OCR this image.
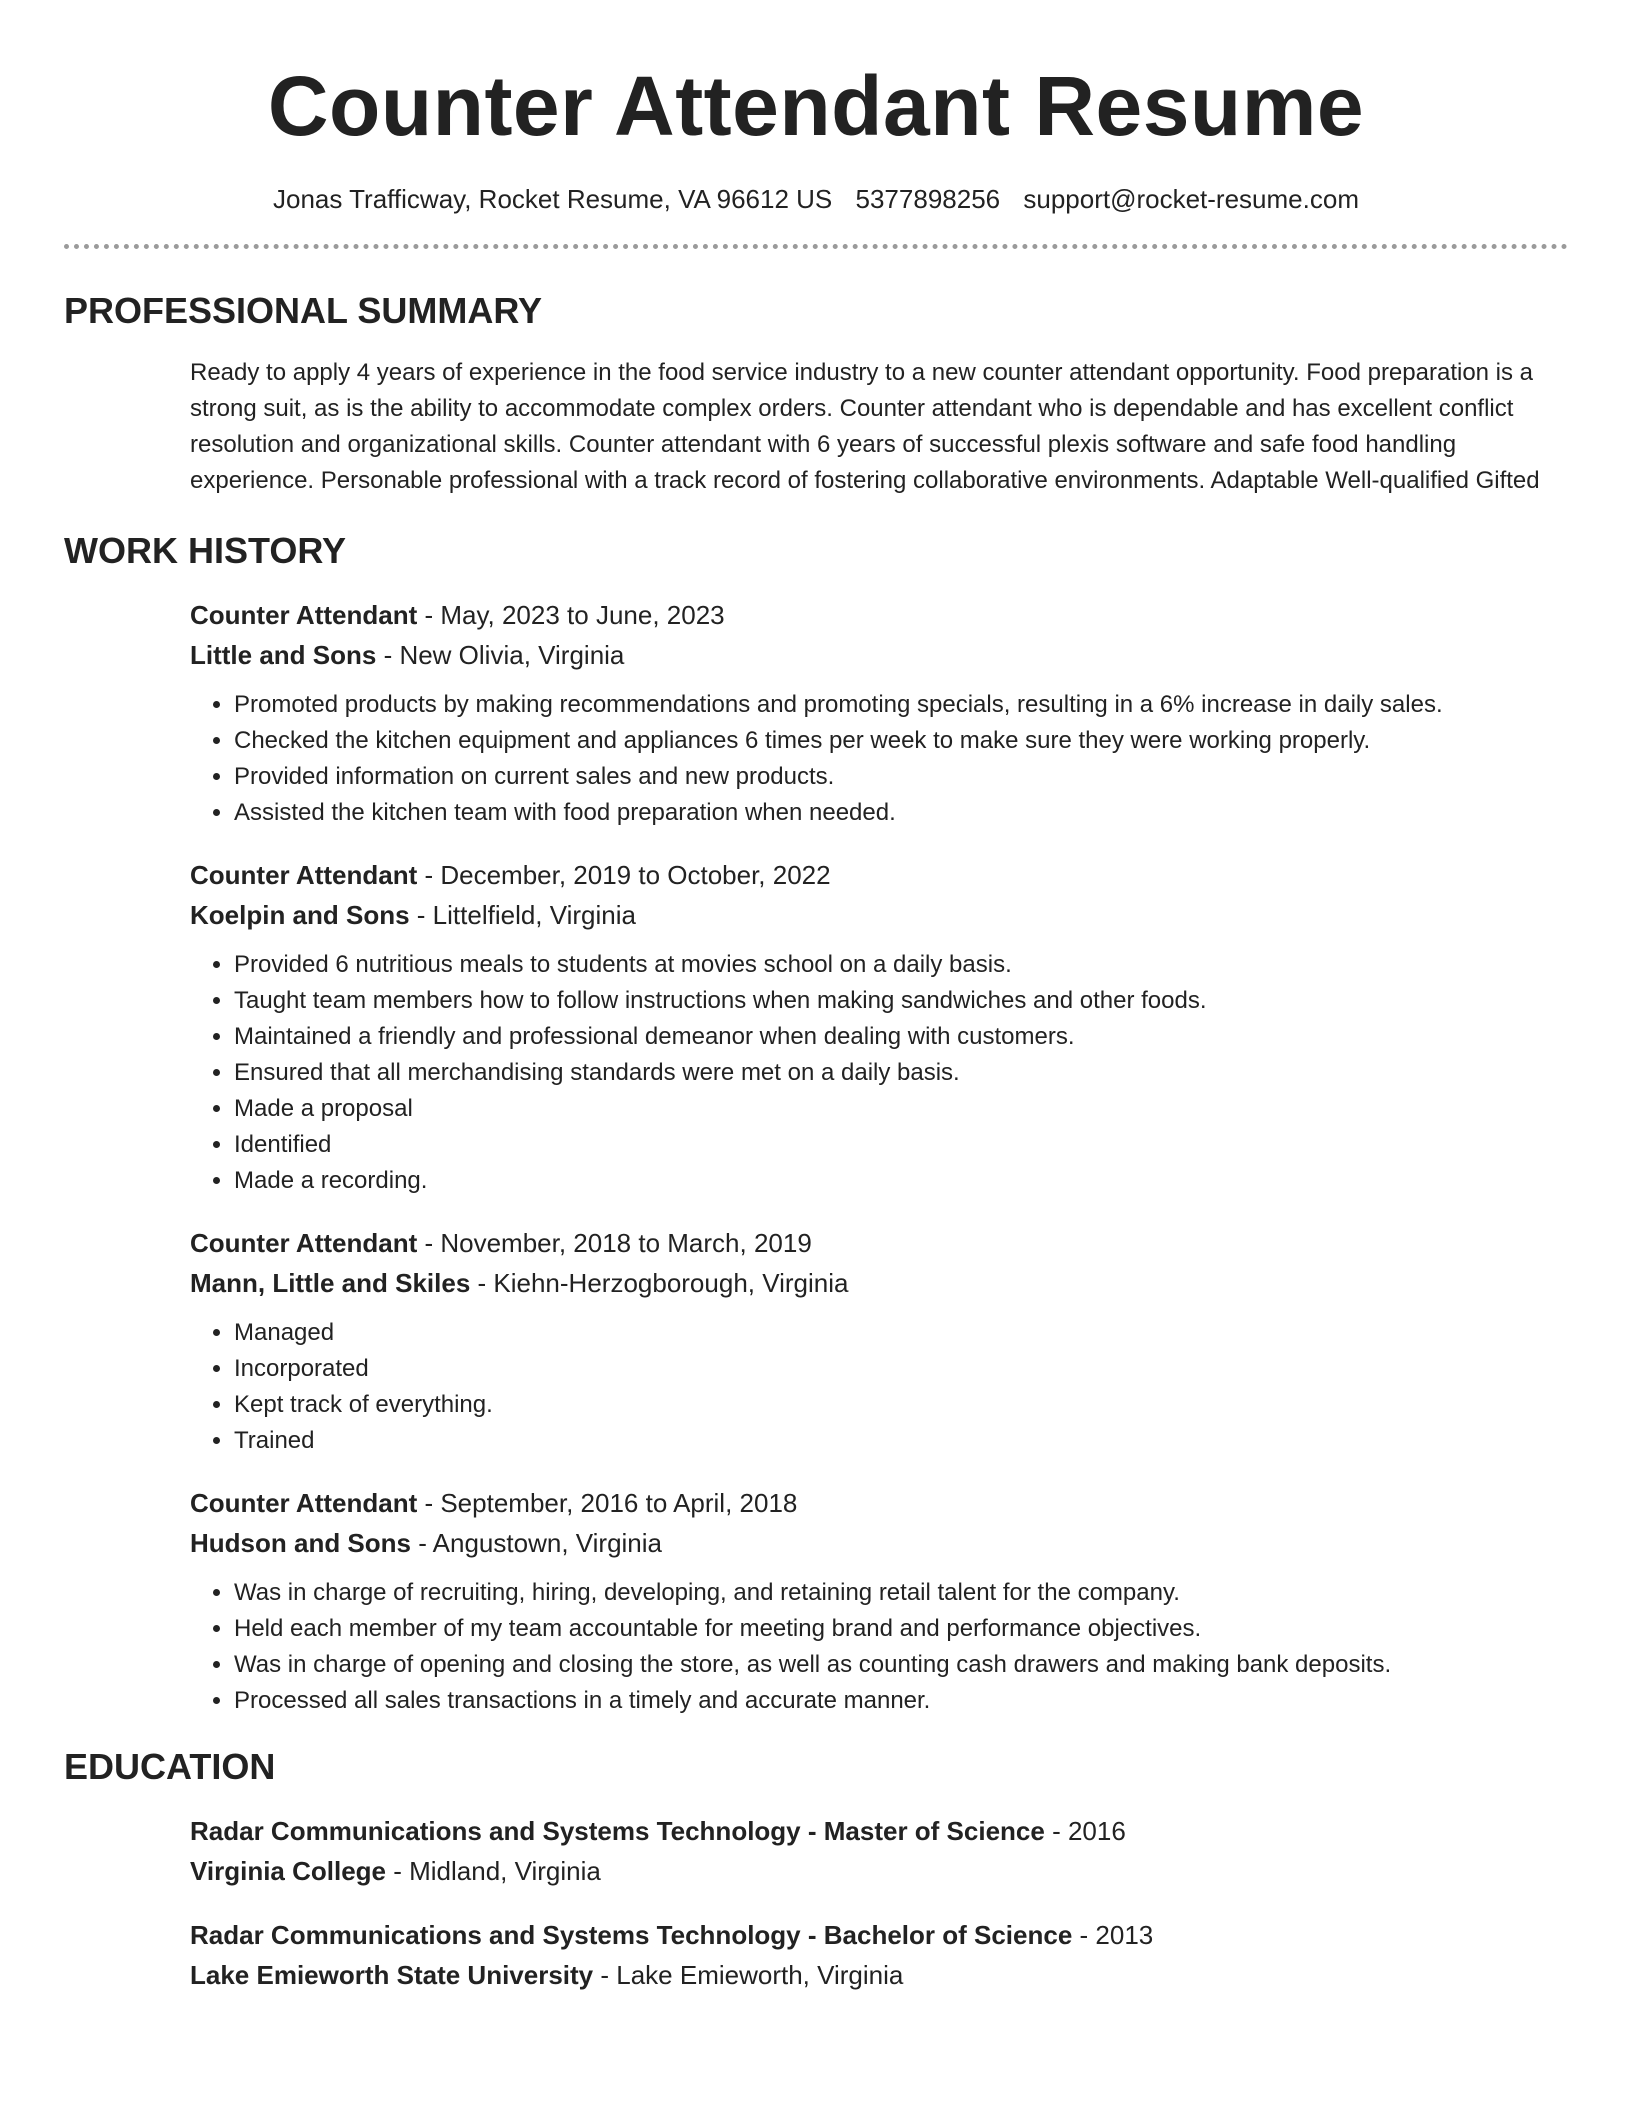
Counter Attendant Resume
Jonas Trafficway, Rocket Resume, VA 96612 US 5377898256 support@rocket-resume.com
PROFESSIONAL SUMMARY

Ready to apply 4 years of experience in the food service industry to a new counter attendant opportunity. Food preparation is a strong suit, as is the ability to accommodate complex orders. Counter attendant who is dependable and has excellent conflict resolution and organizational skills. Counter attendant with 6 years of successful plexis software and safe food handling experience. Personable professional with a track record of fostering collaborative environments. Adaptable Well-qualified Gifted

WORK HISTORY
Counter Attendant - May, 2023 to June, 2023
Little and Sons - New Olivia, Virginia
• Promoted products by making recommendations and promoting specials, resulting in a 6% increase in daily sales.
• Checked the kitchen equipment and appliances 6 times per week to make sure they were working properly.
• Provided information on current sales and new products.
• Assisted the kitchen team with food preparation when needed.
Counter Attendant - December, 2019 to October, 2022
Koelpin and Sons - Littelfield, Virginia
• Provided 6 nutritious meals to students at movies school on a daily basis.
• Taught team members how to follow instructions when making sandwiches and other foods.
• Maintained a friendly and professional demeanor when dealing with customers.
• Ensured that all merchandising standards were met on a daily basis.
• Made a proposal
• Identified
• Made a recording.
Counter Attendant - November, 2018 to March, 2019
Mann, Little and Skiles - Kiehn-Herzogborough, Virginia
• Managed
• Incorporated
• Kept track of everything.
• Trained
Counter Attendant - September, 2016 to April, 2018
Hudson and Sons - Angustown, Virginia
• Was in charge of recruiting, hiring, developing, and retaining retail talent for the company.
• Held each member of my team accountable for meeting brand and performance objectives.
• Was in charge of opening and closing the store, as well as counting cash drawers and making bank deposits.
• Processed all sales transactions in a timely and accurate manner.
EDUCATION
Radar Communications and Systems Technology - Master of Science - 2016
Virginia College - Midland, Virginia
Radar Communications and Systems Technology - Bachelor of Science - 2013
Lake Emieworth State University - Lake Emieworth, Virginia
